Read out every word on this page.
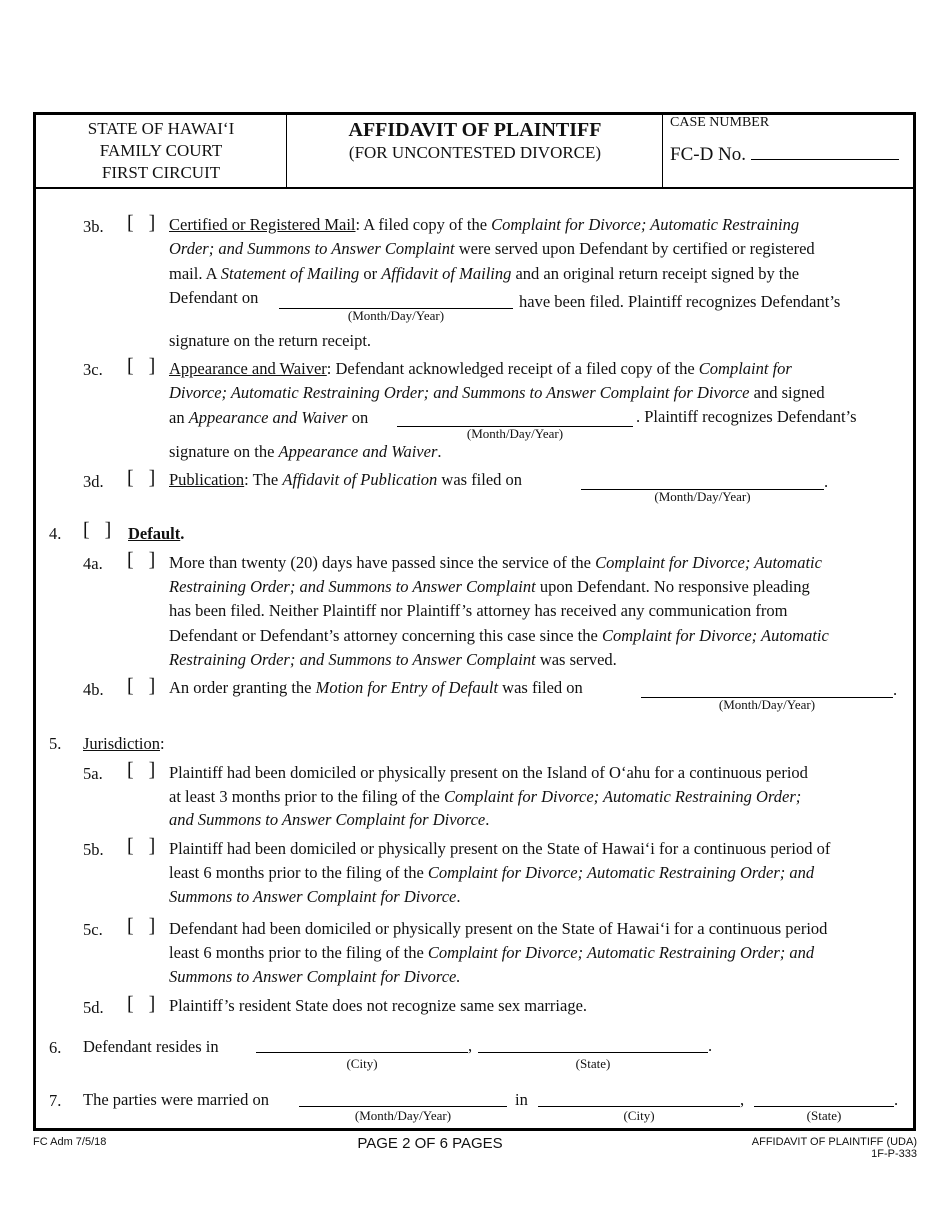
STATE OF HAWAI‘I
FAMILY COURT
FIRST CIRCUIT
AFFIDAVIT OF PLAINTIFF
(FOR UNCONTESTED DIVORCE)
CASE NUMBER
FC-D No.
3b. [   ] Certified or Registered Mail: A filed copy of the Complaint for Divorce; Automatic Restraining
Order; and Summons to Answer Complaint were served upon Defendant by certified or registered
mail. A Statement of Mailing or Affidavit of Mailing and an original return receipt signed by the
Defendant on

(Month/Day/Year)
have been filed. Plaintiff recognizes Defendant’s
signature on the return receipt.
3c. [   ] Appearance and Waiver: Defendant acknowledged receipt of a filed copy of the Complaint for
Divorce; Automatic Restraining Order; and Summons to Answer Complaint for Divorce and signed
an Appearance and Waiver on

(Month/Day/Year)
. Plaintiff recognizes Defendant’s
signature on the Appearance and Waiver.
3d. [   ] Publication: The Affidavit of Publication was filed on	.
(Month/Day/Year)
4. [   ] Default.
4a. [   ] More than twenty (20) days have passed since the service of the Complaint for Divorce; Automatic
Restraining Order; and Summons to Answer Complaint upon Defendant. No responsive pleading
has been filed. Neither Plaintiff nor Plaintiff’s attorney has received any communication from
Defendant or Defendant’s attorney concerning this case since the Complaint for Divorce; Automatic
Restraining Order; and Summons to Answer Complaint was served.

4b. [   ] An order granting the Motion for Entry of Default was filed on	.
(Month/Day/Year)
5. Jurisdiction:
5a. [   ] Plaintiff had been domiciled or physically present on the Island of O‘ahu for a continuous period
at least 3 months prior to the filing of the Complaint for Divorce; Automatic Restraining Order;
and Summons to Answer Complaint for Divorce.

5b. [   ] Plaintiff had been domiciled or physically present on the State of Hawai‘i for a continuous period of
least 6 months prior to the filing of the Complaint for Divorce; Automatic Restraining Order; and
Summons to Answer Complaint for Divorce.

5c. [   ] Defendant had been domiciled or physically present on the State of Hawai‘i for a continuous period
least 6 months prior to the filing of the Complaint for Divorce; Automatic Restraining Order; and
Summons to Answer Complaint for Divorce.

5d. [   ] Plaintiff’s resident State does not recognize same sex marriage.
6. Defendant resides in	,	.
(City)	(State)
7. The parties were married on	in	,	.
(Month/Day/Year)	(City)	(State)
FC Adm 7/5/18	PAGE 2 OF 6 PAGES	AFFIDAVIT OF PLAINTIFF (UDA)
1F-P-333
